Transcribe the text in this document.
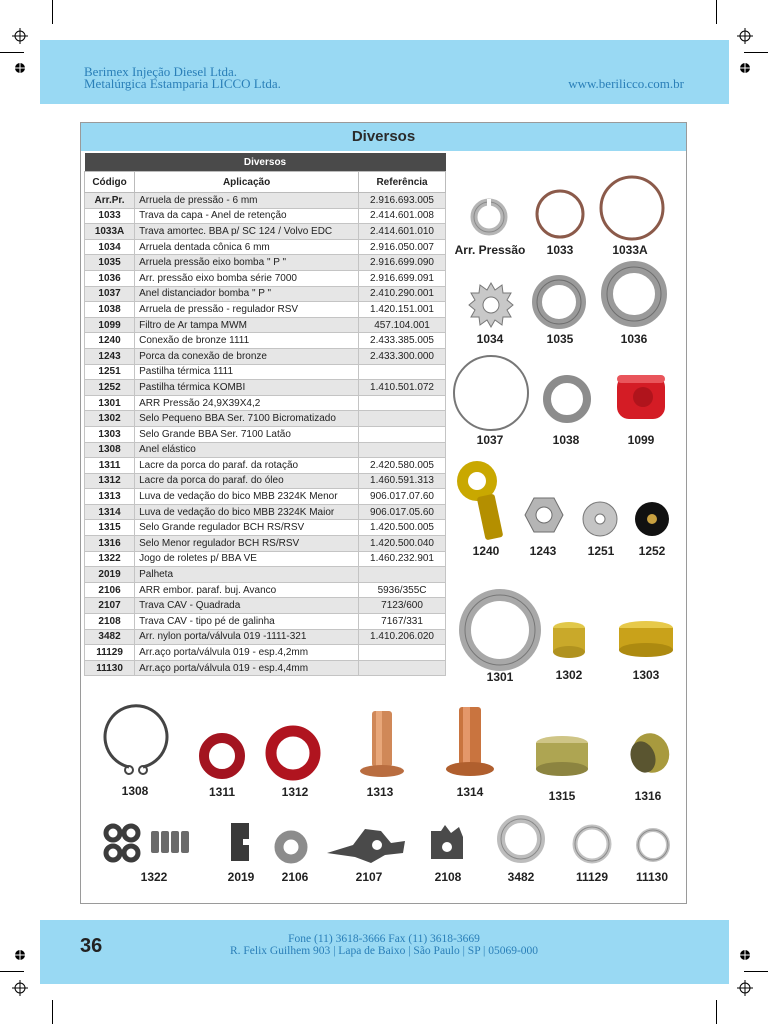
Berimex Injeção Diesel Ltda.
Metalúrgica Estamparia LICCO Ltda.	www.berilicco.com.br
Diversos
Diversos		
Código	Aplicação	Referência
Arr.Pr.	Arruela de pressão - 6 mm	2.916.693.005
1033	Trava da capa - Anel de retenção	2.414.601.008
1033A	Trava amortec. BBA p/ SC 124 / Volvo EDC	2.414.601.010
1034	Arruela dentada cônica 6 mm	2.916.050.007
1035	Arruela pressão eixo bomba " P "	2.916.699.090
1036	Arr. pressão eixo bomba série 7000	2.916.699.091
1037	Anel distanciador bomba " P "	2.410.290.001
1038	Arruela de pressão - regulador RSV	1.420.151.001
1099	Filtro de Ar tampa MWM	457.104.001
1240	Conexão de bronze 1111	2.433.385.005
1243	Porca da conexão de bronze	2.433.300.000
1251	Pastilha térmica 1111	
1252	Pastilha térmica KOMBI	1.410.501.072
1301	ARR Pressão 24,9X39X4,2	
1302	Selo Pequeno BBA Ser. 7100 Bicromatizado	
1303	Selo Grande BBA Ser. 7100 Latão	
1308	Anel elástico	
1311	Lacre da porca do paraf. da rotação	2.420.580.005
1312	Lacre da porca do paraf. do óleo	1.460.591.313
1313	Luva de vedação do bico MBB 2324K Menor	906.017.07.60
1314	Luva de vedação do bico MBB 2324K Maior	906.017.05.60
1315	Selo Grande regulador BCH RS/RSV	1.420.500.005
1316	Selo Menor regulador BCH RS/RSV	1.420.500.040
1322	Jogo de roletes p/ BBA VE	1.460.232.901
2019	Palheta	
2106	ARR embor. paraf. buj. Avanco	5936/355C
2107	Trava CAV - Quadrada	7123/600
2108	Trava CAV - tipo pé de galinha	7167/331
3482	Arr. nylon porta/válvula 019 -1111-321	1.410.206.020
11129	Arr.aço porta/válvula 019 - esp.4,2mm	
11130	Arr.aço porta/válvula 019 - esp.4,4mm	
Arr. Pressão 1033	1033A
1034	1035	1036
1037	1038	1099
1240	1243	1251 1252
1301	1302	1303
1308	1311	1312	1313	1314	1315	1316
1322	2019 2106	2107	2108	3482	11129 11130
36	Fone (11) 3618-3666 Fax (11) 3618-3669
R. Felix Guilhem 903 | Lapa de Baixo | São Paulo | SP | 05069-000
